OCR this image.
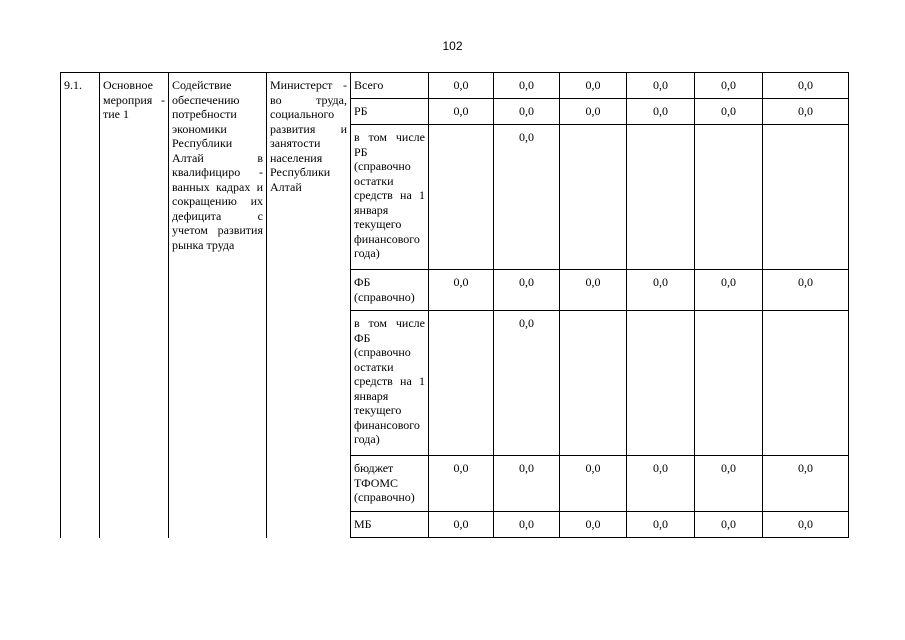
102
9.1.	Основное мероприя - тие 1	Содействие обеспечению потребности экономики Республики Алтай в квалифициро - ванных кадрах и сокращению их дефицита с учетом развития рынка труда	Министерст - во труда, социального развития и занятости населения Республики Алтай	Всего	0,0	0,0	0,0	0,0	0,0	0,0
				РБ	0,0	0,0	0,0	0,0	0,0	0,0
				в том числе РБ (справочно остатки средств на 1 января текущего финансового года)		0,0				
				ФБ (справочно)	0,0	0,0	0,0	0,0	0,0	0,0
				в том числе ФБ (справочно остатки средств на 1 января текущего финансового года)		0,0				
				бюджет ТФОМС (справочно)	0,0	0,0	0,0	0,0	0,0	0,0
				МБ	0,0	0,0	0,0	0,0	0,0	0,0
